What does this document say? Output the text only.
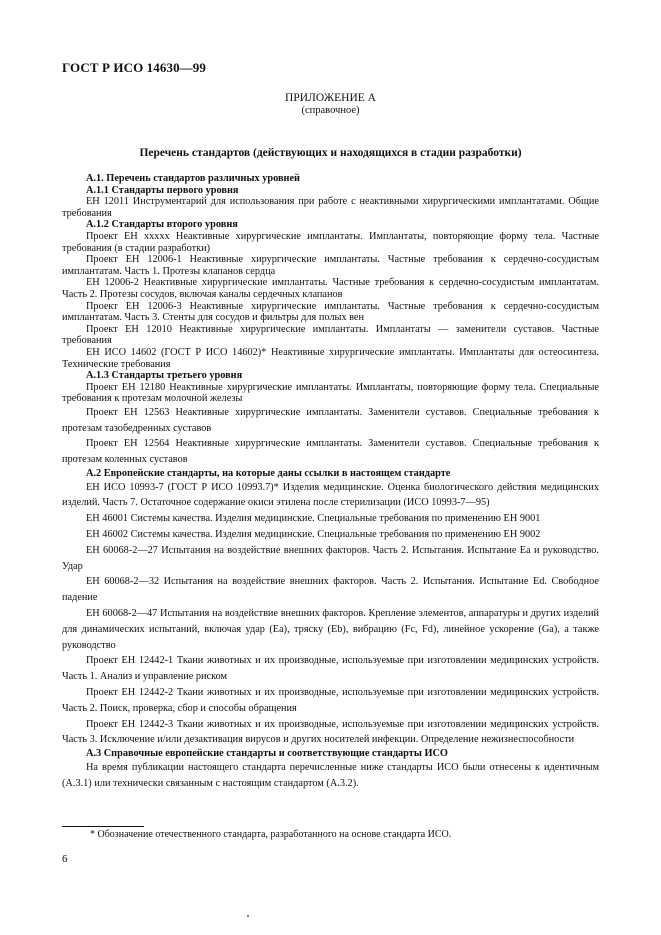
ГОСТ Р ИСО 14630—99
ПРИЛОЖЕНИЕ А
(справочное)
Перечень стандартов (действующих и находящихся в стадии разработки)

А.1. Перечень стандартов различных уровней

А.1.1 Стандарты первого уровня

ЕН 12011 Инструментарий для использования при работе с неактивными хирургическими имплантатами. Общие требования

А.1.2 Стандарты второго уровня

Проект ЕН xxxxx Неактивные хирургические имплантаты. Имплантаты, повторяющие форму тела. Частные требования (в стадии разработки)

Проект ЕН 12006-1 Неактивные хирургические имплантаты. Частные требования к сердечно-сосудистым имплантатам. Часть 1. Протезы клапанов сердца

ЕН 12006-2 Неактивные хирургические имплантаты. Частные требования к сердечно-сосудистым имплантатам. Часть 2. Протезы сосудов, включая каналы сердечных клапанов

Проект ЕН 12006-3 Неактивные хирургические имплантаты. Частные требования к сердечно-сосудистым имплантатам. Часть 3. Стенты для сосудов и фильтры для полых вен

Проект ЕН 12010 Неактивные хирургические имплантаты. Имплантаты — заменители суставов. Частные требования

ЕН ИСО 14602 (ГОСТ Р ИСО 14602)* Неактивные хирургические имплантаты. Имплантаты для остеосинтеза. Технические требования

А.1.3 Стандарты третьего уровня

Проект ЕН 12180 Неактивные хирургические имплантаты. Имплантаты, повторяющие форму тела. Специальные требования к протезам молочной железы

Проект ЕН 12563 Неактивные хирургические имплантаты. Заменители суставов. Специальные требования к протезам тазобедренных суставов

Проект ЕН 12564 Неактивные хирургические имплантаты. Заменители суставов. Специальные требования к протезам коленных суставов

А.2 Европейские стандарты, на которые даны ссылки в настоящем стандарте

ЕН ИСО 10993-7 (ГОСТ Р ИСО 10993.7)* Изделия медицинские. Оценка биологического действия медицинских изделий. Часть 7. Остаточное содержание окиси этилена после стерилизации (ИСО 10993-7—95)

ЕН 46001 Системы качества. Изделия медицинские. Специальные требования по применению ЕН 9001

ЕН 46002 Системы качества. Изделия медицинские. Специальные требования по применению ЕН 9002

ЕН 60068-2—27 Испытания на воздействие внешних факторов. Часть 2. Испытания. Испытание Еа и руководство. Удар

ЕН 60068-2—32 Испытания на воздействие внешних факторов. Часть 2. Испытания. Испытание Ed. Свободное падение

ЕН 60068-2—47 Испытания на воздействие внешних факторов. Крепление элементов, аппаратуры и других изделий для динамических испытаний, включая удар (Еа), тряску (Eb), вибрацию (Fc, Fd), линейное ускорение (Ga), а также руководство

Проект ЕН 12442-1 Ткани животных и их производные, используемые при изготовлении медицинских устройств. Часть 1. Анализ и управление риском

Проект ЕН 12442-2 Ткани животных и их производные, используемые при изготовлении медицинских устройств. Часть 2. Поиск, проверка, сбор и способы обращения

Проект ЕН 12442-3 Ткани животных и их производные, используемые при изготовлении медицинских устройств. Часть 3. Исключение и/или дезактивация вирусов и других носителей инфекции. Определение нежизнеспособности

А.3 Справочные европейские стандарты и соответствующие стандарты ИСО

На время публикации настоящего стандарта перечисленные ниже стандарты ИСО были отнесены к идентичным (А.3.1) или технически связанным с настоящим стандартом (А.3.2).

* Обозначение отечественного стандарта, разработанного на основе стандарта ИСО.
6
